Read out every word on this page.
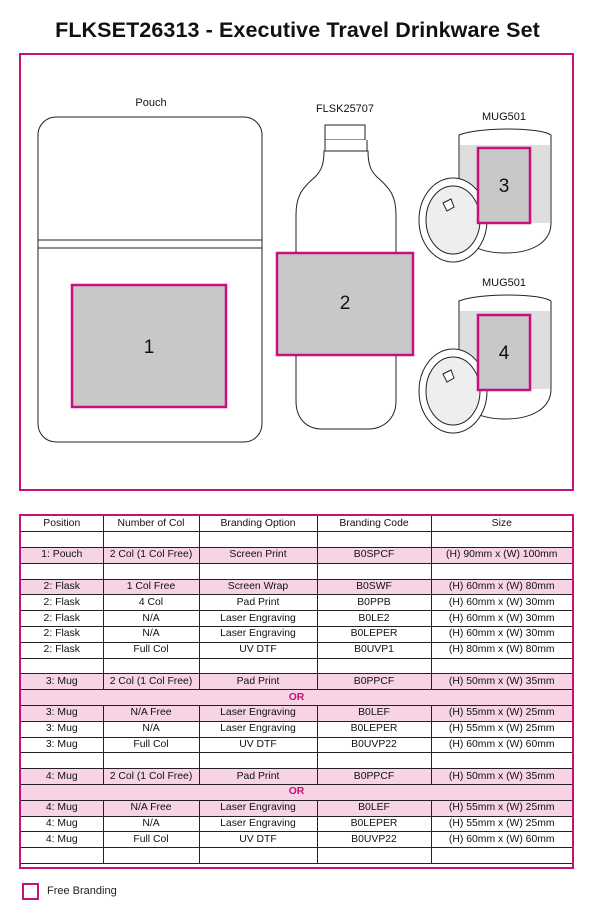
FLKSET26313 - Executive Travel Drinkware Set
Pouch
1
FLSK25707
2
MUG501
3
MUG501
4
Position	Number of Col	Branding Option	Branding Code	Size

1: Pouch	2 Col (1 Col Free)	Screen Print	B0SPCF	(H) 90mm x (W) 100mm

2: Flask	1 Col Free	Screen Wrap	B0SWF	(H) 60mm x (W) 80mm
2: Flask	4 Col	Pad Print	B0PPB	(H) 60mm x (W) 30mm
2: Flask	N/A	Laser Engraving	B0LE2	(H) 60mm x (W) 30mm
2: Flask	N/A	Laser Engraving	B0LEPER	(H) 60mm x (W) 30mm
2: Flask	Full Col	UV DTF	B0UVP1	(H) 80mm x (W) 80mm

3: Mug	2 Col (1 Col Free)	Pad Print	B0PPCF	(H) 50mm x (W) 35mm
OR				
3: Mug	N/A Free	Laser Engraving	B0LEF	(H) 55mm x (W) 25mm
3: Mug	N/A	Laser Engraving	B0LEPER	(H) 55mm x (W) 25mm
3: Mug	Full Col	UV DTF	B0UVP22	(H) 60mm x (W) 60mm

4: Mug	2 Col (1 Col Free)	Pad Print	B0PPCF	(H) 50mm x (W) 35mm
OR				
4: Mug	N/A Free	Laser Engraving	B0LEF	(H) 55mm x (W) 25mm
4: Mug	N/A	Laser Engraving	B0LEPER	(H) 55mm x (W) 25mm
4: Mug	Full Col	UV DTF	B0UVP22	(H) 60mm x (W) 60mm

Free Branding
